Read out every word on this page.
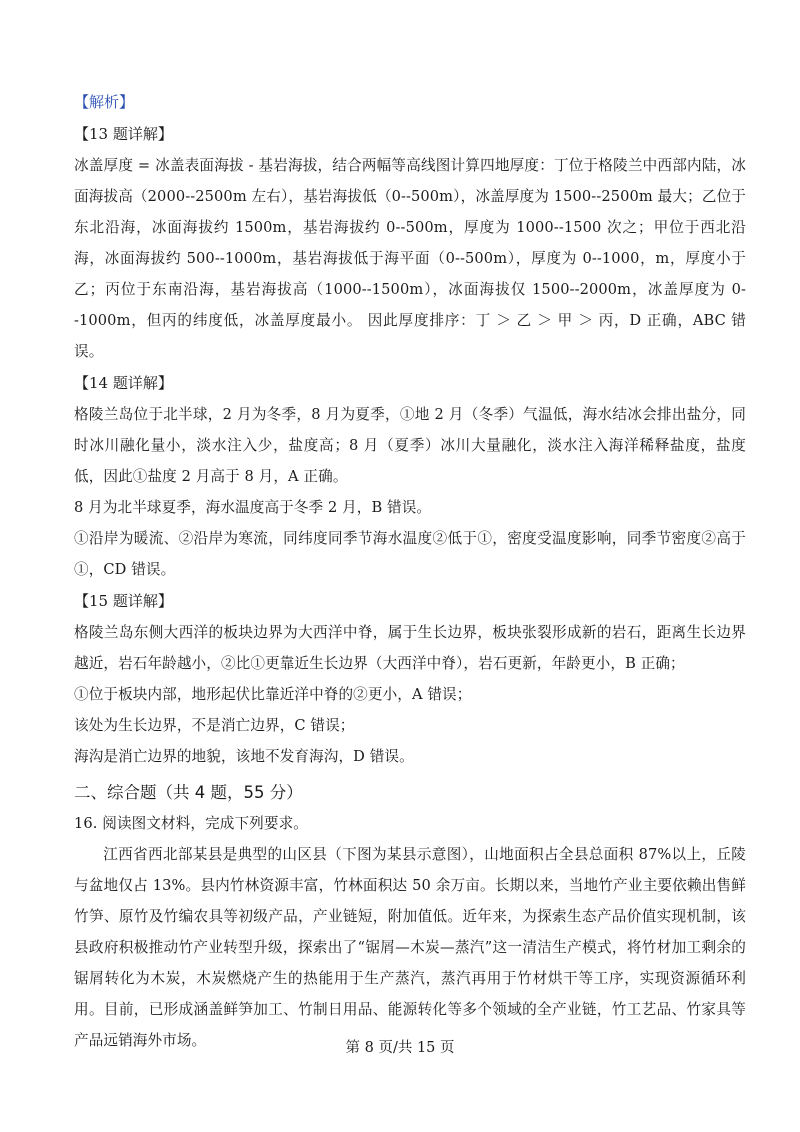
【解析】

【13 题详解】

冰盖厚度 = 冰盖表面海拔 - 基岩海拔，结合两幅等高线图计算四地厚度：丁位于格陵兰中西部内陆，冰面海拔高（2000--2500m 左右），基岩海拔低（0--500m），冰盖厚度为 1500--2500m 最大；乙位于东北沿海，冰面海拔约 1500m，基岩海拔约 0--500m，厚度为 1000--1500 次之；甲位于西北沿海，冰面海拔约 500--1000m，基岩海拔低于海平面（0--500m），厚度为 0--1000，m，厚度小于乙；丙位于东南沿海，基岩海拔高（1000--1500m），冰面海拔仅 1500--2000m，冰盖厚度为 0--1000m，但丙的纬度低，冰盖厚度最小。 因此厚度排序：丁 ＞ 乙 ＞ 甲 ＞ 丙，D 正确，ABC 错误。

【14 题详解】

格陵兰岛位于北半球，2 月为冬季，8 月为夏季，①地 2 月（冬季）气温低，海水结冰会排出盐分，同时冰川融化量小，淡水注入少，盐度高；8 月（夏季）冰川大量融化，淡水注入海洋稀释盐度，盐度低，因此①盐度 2 月高于 8 月，A 正确。

8 月为北半球夏季，海水温度高于冬季 2 月，B 错误。

①沿岸为暖流、②沿岸为寒流，同纬度同季节海水温度②低于①，密度受温度影响，同季节密度②高于①，CD 错误。

【15 题详解】

格陵兰岛东侧大西洋的板块边界为大西洋中脊，属于生长边界，板块张裂形成新的岩石，距离生长边界越近，岩石年龄越小，②比①更靠近生长边界（大西洋中脊），岩石更新，年龄更小，B 正确；

①位于板块内部，地形起伏比靠近洋中脊的②更小，A 错误；

该处为生长边界，不是消亡边界，C 错误；

海沟是消亡边界的地貌，该地不发育海沟，D 错误。

二、综合题（共 4 题，55 分）

16. 阅读图文材料，完成下列要求。

江西省西北部某县是典型的山区县（下图为某县示意图），山地面积占全县总面积 87%以上，丘陵与盆地仅占 13%。县内竹林资源丰富，竹林面积达 50 余万亩。长期以来，当地竹产业主要依赖出售鲜竹笋、原竹及竹编农具等初级产品，产业链短，附加值低。近年来，为探索生态产品价值实现机制，该县政府积极推动竹产业转型升级，探索出了“锯屑—木炭—蒸汽”这一清洁生产模式，将竹材加工剩余的锯屑转化为木炭，木炭燃烧产生的热能用于生产蒸汽，蒸汽再用于竹材烘干等工序，实现资源循环利用。目前，已形成涵盖鲜笋加工、竹制日用品、能源转化等多个领域的全产业链，竹工艺品、竹家具等产品远销海外市场。	第 8 页/共 15 页
